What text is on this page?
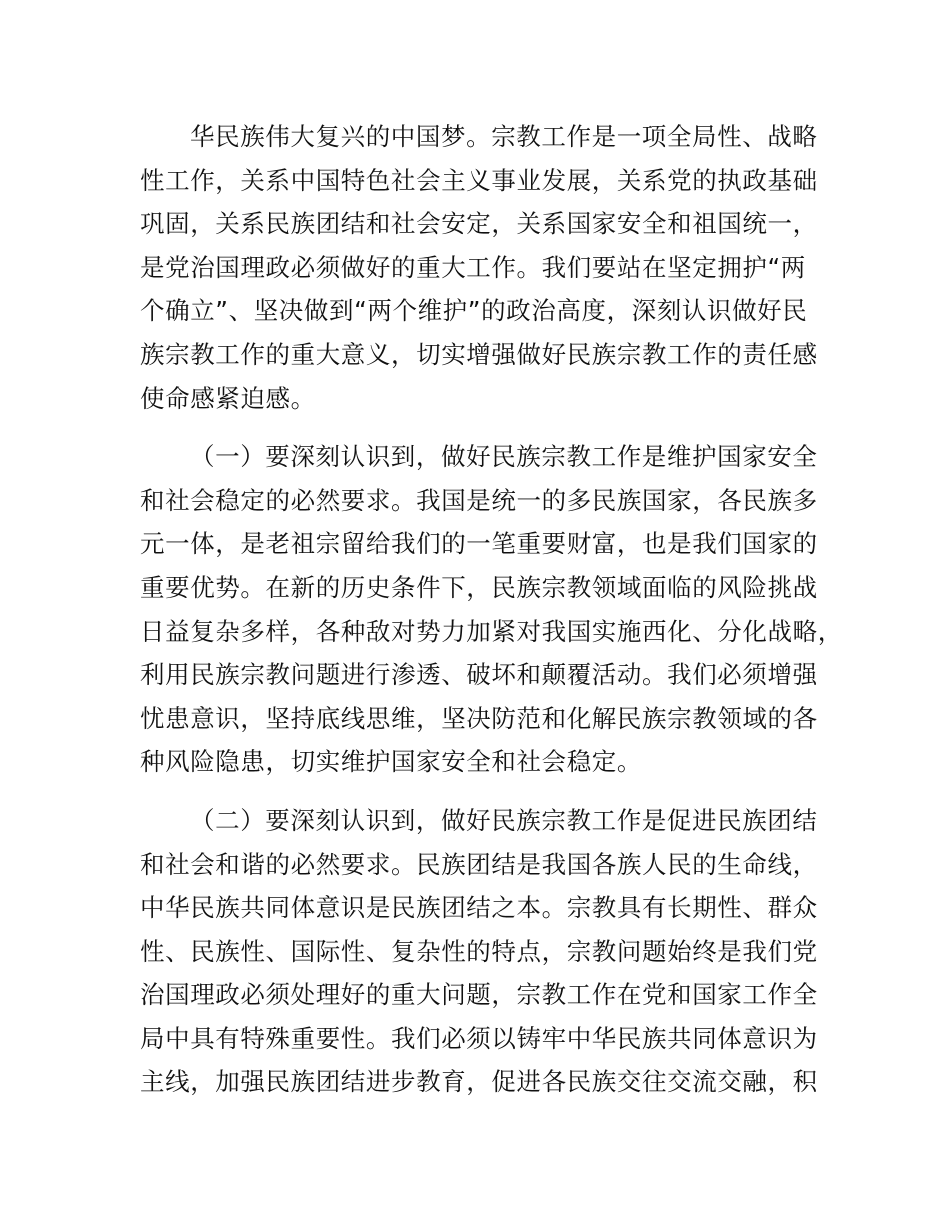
华民族伟大复兴的中国梦。宗教工作是一项全局性、战略
性工作，关系中国特色社会主义事业发展，关系党的执政基础
巩固，关系民族团结和社会安定，关系国家安全和祖国统一，
是党治国理政必须做好的重大工作。我们要站在坚定拥护“两
个确立”、坚决做到“两个维护”的政治高度，深刻认识做好民
族宗教工作的重大意义，切实增强做好民族宗教工作的责任感
使命感紧迫感。

（一）要深刻认识到，做好民族宗教工作是维护国家安全
和社会稳定的必然要求。我国是统一的多民族国家，各民族多
元一体，是老祖宗留给我们的一笔重要财富，也是我们国家的
重要优势。在新的历史条件下，民族宗教领域面临的风险挑战
日益复杂多样，各种敌对势力加紧对我国实施西化、分化战略，
利用民族宗教问题进行渗透、破坏和颠覆活动。我们必须增强
忧患意识，坚持底线思维，坚决防范和化解民族宗教领域的各
种风险隐患，切实维护国家安全和社会稳定。

（二）要深刻认识到，做好民族宗教工作是促进民族团结
和社会和谐的必然要求。民族团结是我国各族人民的生命线，
中华民族共同体意识是民族团结之本。宗教具有长期性、群众
性、民族性、国际性、复杂性的特点，宗教问题始终是我们党
治国理政必须处理好的重大问题，宗教工作在党和国家工作全
局中具有特殊重要性。我们必须以铸牢中华民族共同体意识为
主线，加强民族团结进步教育，促进各民族交往交流交融，积
